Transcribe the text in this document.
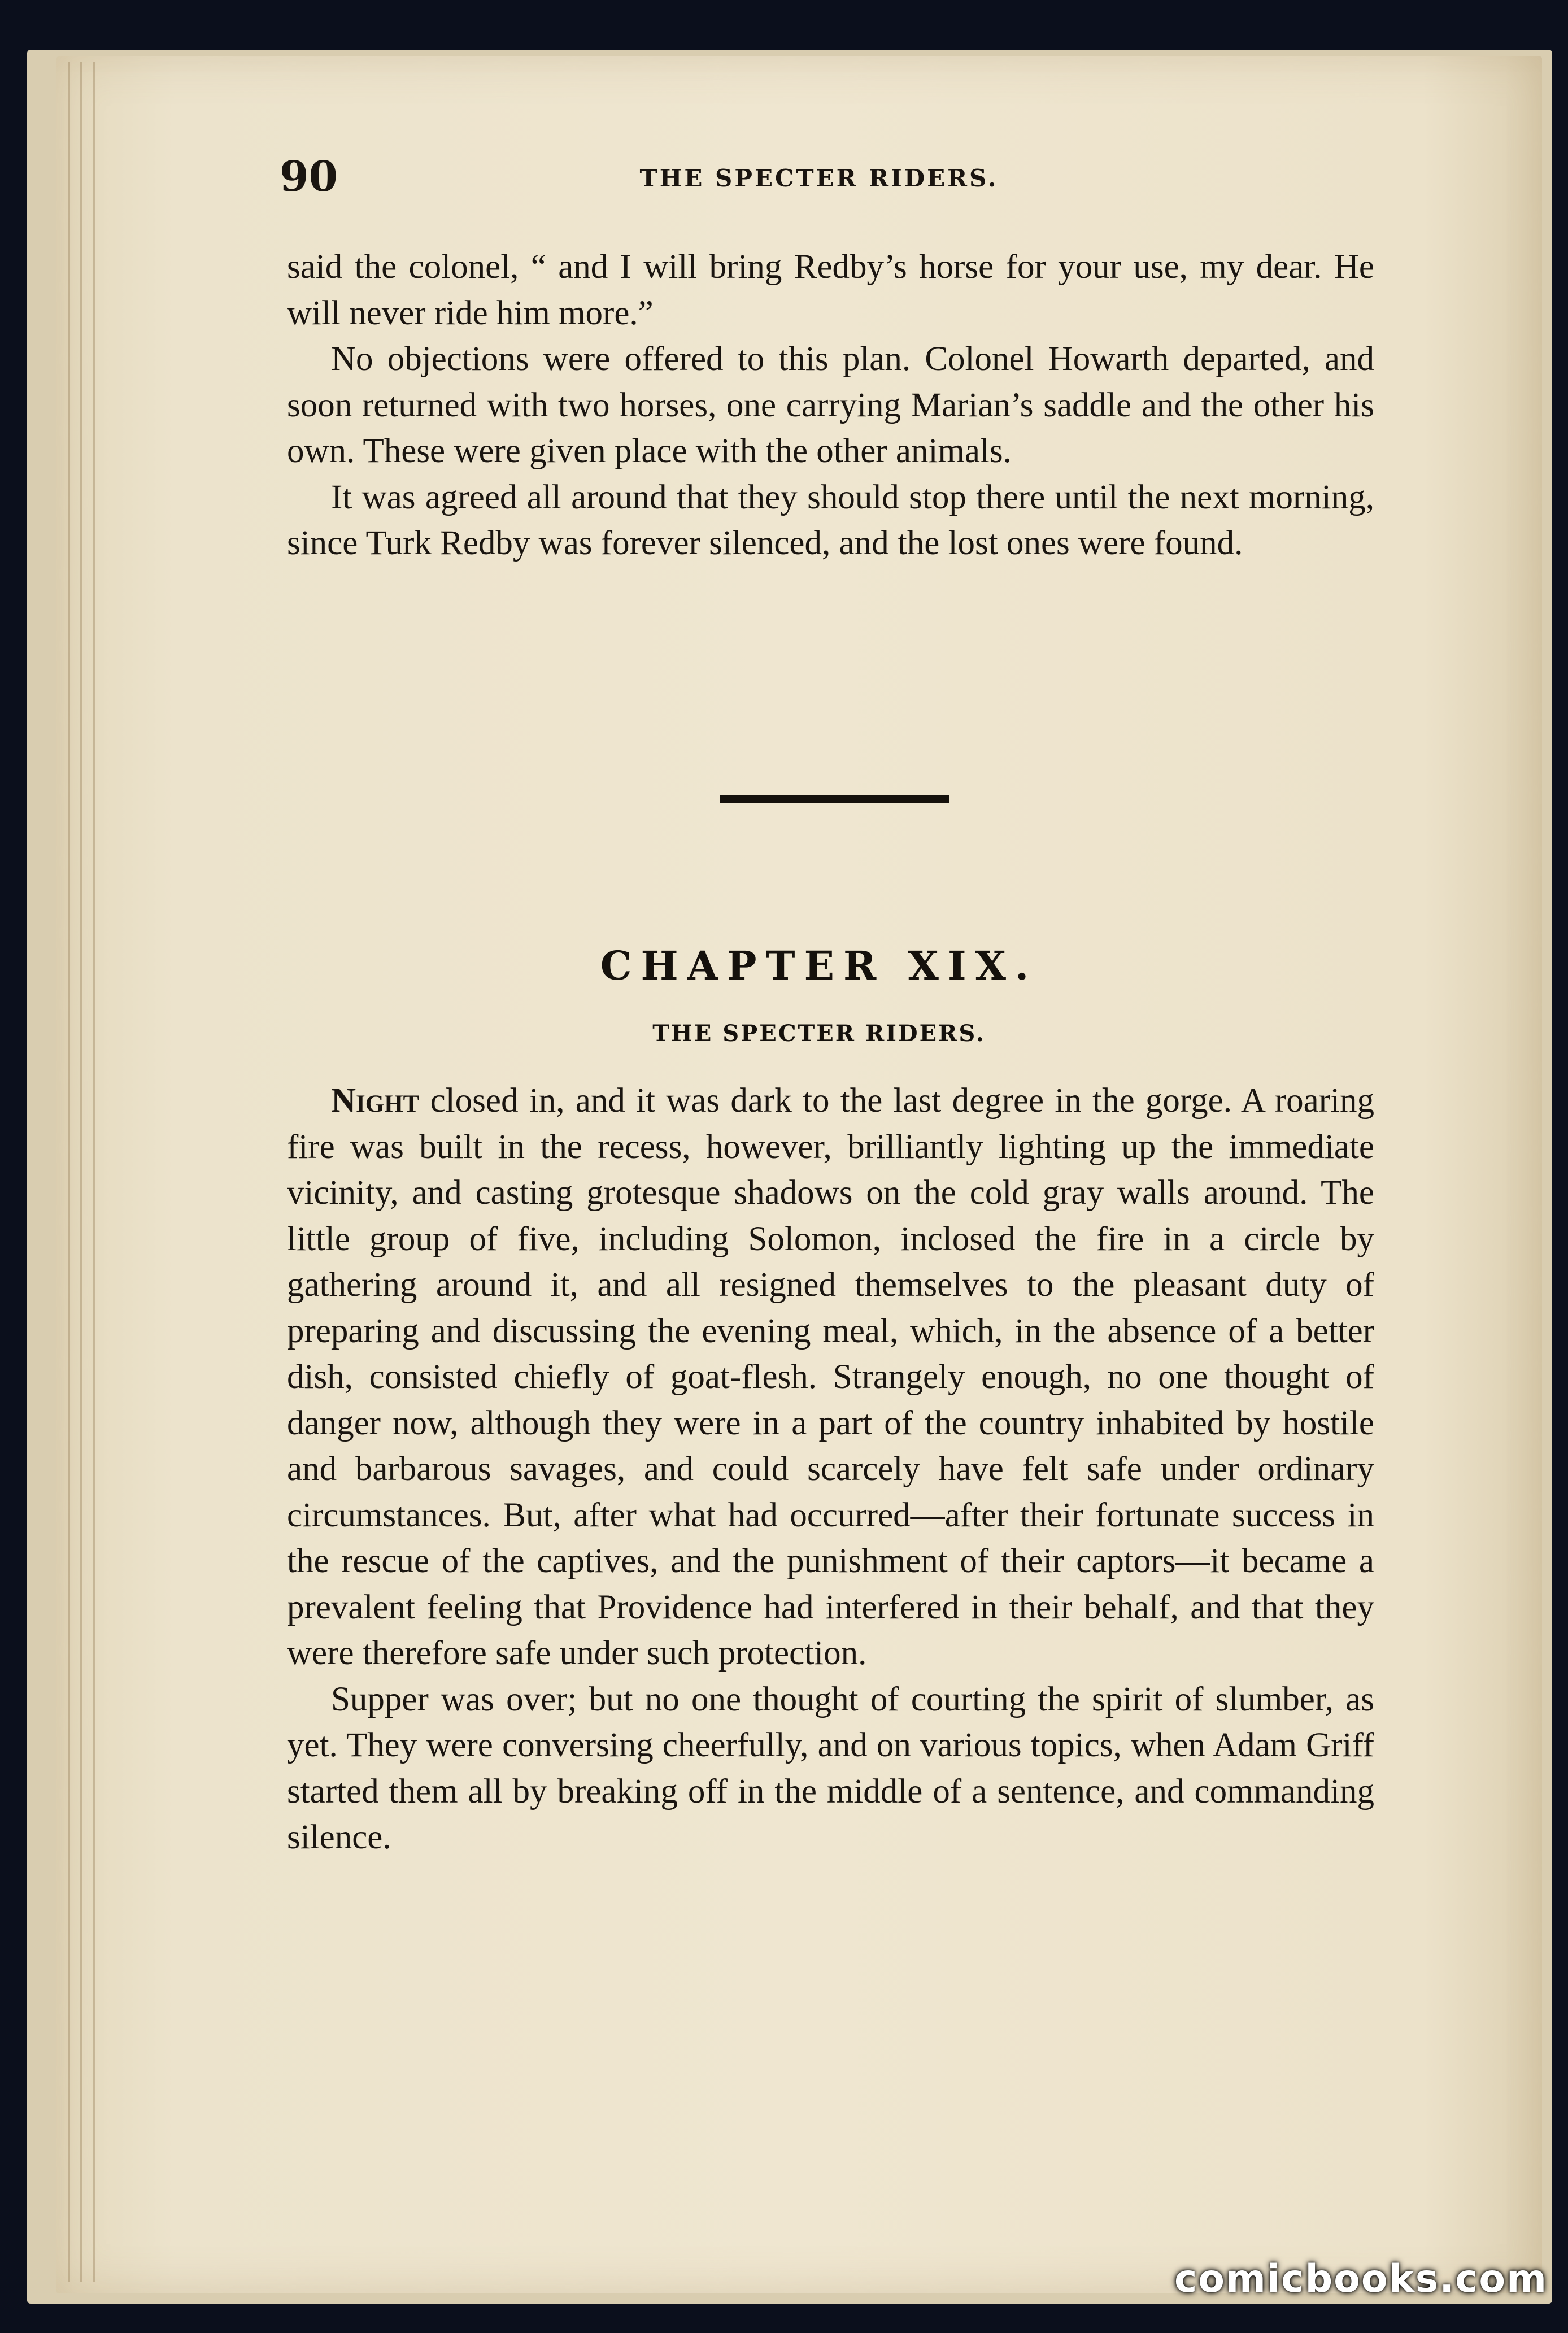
90	THE SPECTER RIDERS.

said the colonel, “ and I will bring Redby’s horse for your use, my dear. He will never ride him more.”

No objections were offered to this plan. Colonel Howarth departed, and soon returned with two horses, one carrying Marian’s saddle and the other his own. These were given place with the other animals.

It was agreed all around that they should stop there until the next morning, since Turk Redby was forever silenced, and the lost ones were found.

CHAPTER XIX.
THE SPECTER RIDERS.

Night closed in, and it was dark to the last degree in the gorge. A roaring fire was built in the recess, however, brilliantly lighting up the immediate vicinity, and casting grotesque shadows on the cold gray walls around. The little group of five, including Solomon, inclosed the fire in a circle by gathering around it, and all resigned themselves to the pleasant duty of preparing and discussing the evening meal, which, in the absence of a better dish, consisted chiefly of goat-flesh. Strangely enough, no one thought of danger now, although they were in a part of the country inhabited by hostile and barbarous savages, and could scarcely have felt safe under ordinary circumstances. But, after what had occurred—after their fortunate success in the rescue of the captives, and the punishment of their captors—it became a prevalent feeling that Providence had interfered in their behalf, and that they were therefore safe under such protection.

Supper was over; but no one thought of courting the spirit of slumber, as yet. They were conversing cheerfully, and on various topics, when Adam Griff started them all by breaking off in the middle of a sentence, and commanding silence.

comicbooks.com
